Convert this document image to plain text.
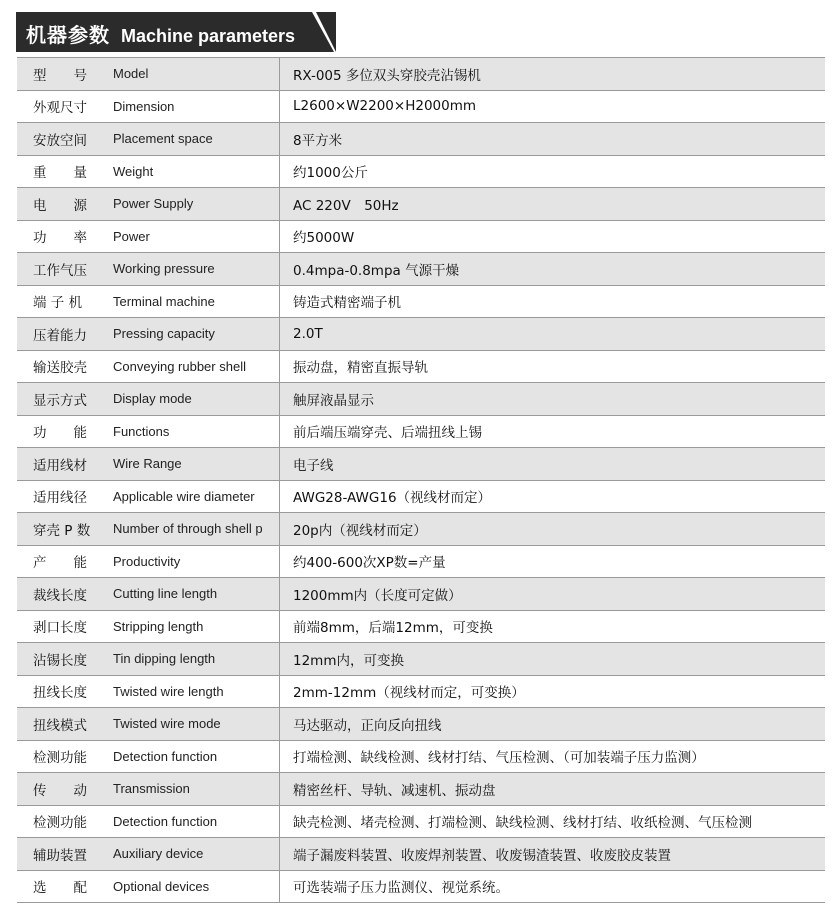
机器参数 Machine parameters
型　　号	Model	RX-005 多位双头穿胶壳沾锡机
外观尺寸	Dimension	L2600×W2200×H2000mm
安放空间	Placement space	8平方米
重　　量	Weight	约1000公斤
电　　源	Power Supply	AC 220V　50Hz
功　　率	Power	约5000W
工作气压	Working pressure	0.4mpa-0.8mpa 气源干燥
端 子 机	Terminal machine	铸造式精密端子机
压着能力	Pressing capacity	2.0T
输送胶壳	Conveying rubber shell	振动盘，精密直振导轨
显示方式	Display mode	触屏液晶显示
功　　能	Functions	前后端压端穿壳、后端扭线上锡
适用线材	Wire Range	电子线
适用线径	Applicable wire diameter	AWG28-AWG16（视线材而定）
穿壳 P 数	Number of through shell p	20p内（视线材而定）
产　　能	Productivity	约400-600次XP数=产量
裁线长度	Cutting line length	1200mm内（长度可定做）
剥口长度	Stripping length	前端8mm，后端12mm，可变换
沾锡长度	Tin dipping length	12mm内，可变换
扭线长度	Twisted wire length	2mm-12mm（视线材而定，可变换）
扭线模式	Twisted wire mode	马达驱动，正向反向扭线
检测功能	Detection function	打端检测、缺线检测、线材打结、气压检测、（可加装端子压力监测）
传　　动	Transmission	精密丝杆、导轨、减速机、振动盘
检测功能	Detection function	缺壳检测、堵壳检测、打端检测、缺线检测、线材打结、收纸检测、气压检测
辅助装置	Auxiliary device	端子漏废料装置、收废焊剂装置、收废锡渣装置、收废胶皮装置
选　　配	Optional devices	可选装端子压力监测仪、视觉系统。
